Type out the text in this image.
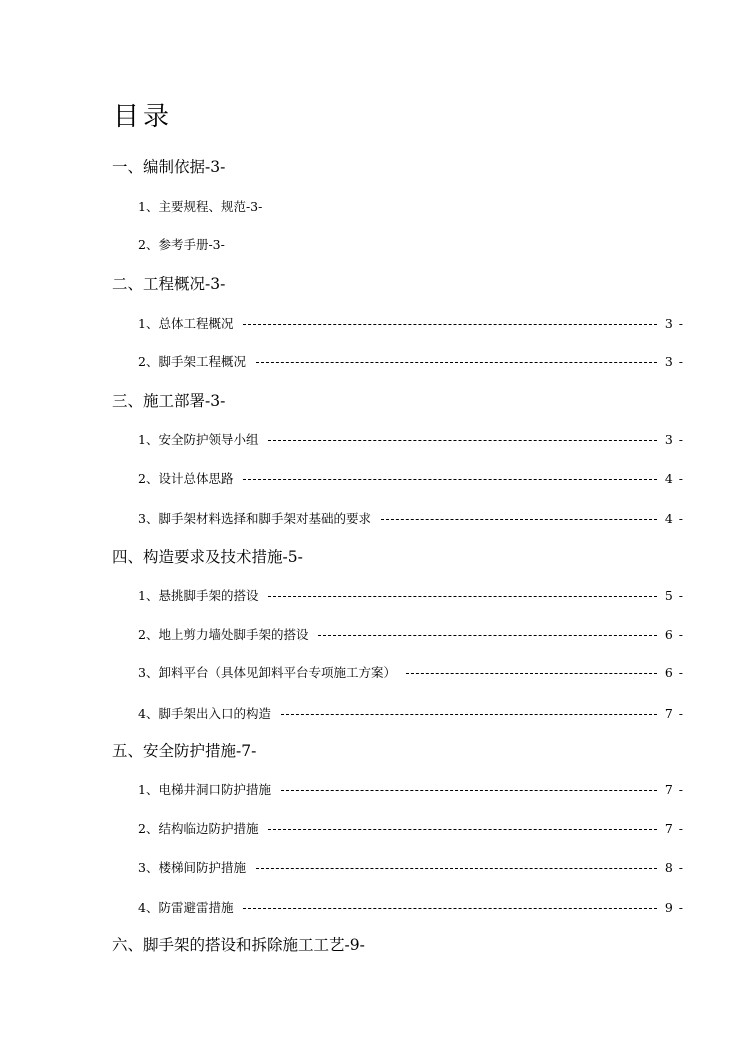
目录
一、编制依据-3-
1、主要规程、规范-3-
2、参考手册-3-
二、工程概况-3-
1、总体工程概况	3 -
2、脚手架工程概况	3 -
三、施工部署-3-
1、安全防护领导小组	3 -
2、设计总体思路	4 -
3、脚手架材料选择和脚手架对基础的要求	4 -
四、构造要求及技术措施-5-
1、悬挑脚手架的搭设	5 -
2、地上剪力墙处脚手架的搭设	6 -
3、卸料平台（具体见卸料平台专项施工方案）	6 -
4、脚手架出入口的构造	7 -
五、安全防护措施-7-
1、电梯井洞口防护措施	7 -
2、结构临边防护措施	7 -
3、楼梯间防护措施	8 -
4、防雷避雷措施	9 -
六、脚手架的搭设和拆除施工工艺-9-
